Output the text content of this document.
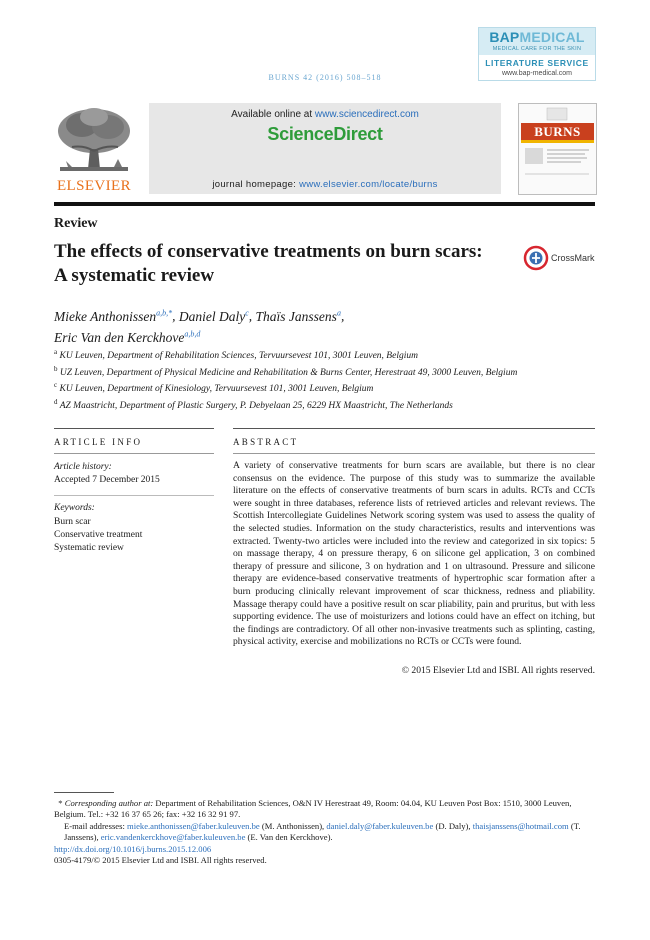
BAPMEDICAL
MEDICAL CARE FOR THE SKIN
LITERATURE SERVICE
www.bap-medical.com
BURNS 42 (2016) 508–518
ELSEVIER
Available online at www.sciencedirect.com
ScienceDirect
journal homepage: www.elsevier.com/locate/burns
BURNS
Review
The effects of conservative treatments on burn scars: A systematic review
CrossMark
Mieke Anthonissen$^{a,b,*}$, Daniel Daly$^c$, Thaïs Janssens$^a$,
Eric Van den Kerckhove$^{a,b,d}$

$^a$ KU Leuven, Department of Rehabilitation Sciences, Tervuursevest 101, 3001 Leuven, Belgium

$^b$ UZ Leuven, Department of Physical Medicine and Rehabilitation & Burns Center, Herestraat 49, 3000 Leuven, Belgium

$^c$ KU Leuven, Department of Kinesiology, Tervuursevest 101, 3001 Leuven, Belgium

$^d$ AZ Maastricht, Department of Plastic Surgery, P. Debyelaan 25, 6229 HX Maastricht, The Netherlands

ARTICLE INFO	ABSTRACT
Article history:
Accepted 7 December 2015
Keywords:
Burn scar
Conservative treatment
Systematic review

A variety of conservative treatments for burn scars are available, but there is no clear consensus on the evidence. The purpose of this study was to summarize the available literature on the effects of conservative treatments of burn scars in adults. RCTs and CCTs were sought in three databases, reference lists of retrieved articles and relevant reviews. The Scottish Intercollegiate Guidelines Network scoring system was used to assess the quality of the selected studies. Information on the study characteristics, results and interventions was extracted. Twenty-two articles were included into the review and categorized in six topics: 5 on massage therapy, 4 on pressure therapy, 6 on silicone gel application, 3 on combined therapy of pressure and silicone, 3 on hydration and 1 on ultrasound. Pressure and silicone therapy are evidence-based conservative treatments of hypertrophic scar formation after a burn producing clinically relevant improvement of scar thickness, redness and pliability. Massage therapy could have a positive result on scar pliability, pain and pruritus, but with less supporting evidence. The use of moisturizers and lotions could have an effect on itching, but the findings are contradictory. Of all other non-invasive treatments such as splinting, casting, physical activity, exercise and mobilizations no RCTs or CCTs were found.

© 2015 Elsevier Ltd and ISBI. All rights reserved.

* Corresponding author at: Department of Rehabilitation Sciences, O&N IV Herestraat 49, Room: 04.04, KU Leuven Post Box: 1510, 3000 Leuven, Belgium. Tel.: +32 16 37 65 26; fax: +32 16 32 91 97.

E-mail addresses: mieke.anthonissen@faber.kuleuven.be (M. Anthonissen), daniel.daly@faber.kuleuven.be (D. Daly), thaisjanssens@hotmail.com (T. Janssens), eric.vandenkerckhove@faber.kuleuven.be (E. Van den Kerckhove).

http://dx.doi.org/10.1016/j.burns.2015.12.006

0305-4179/© 2015 Elsevier Ltd and ISBI. All rights reserved.
